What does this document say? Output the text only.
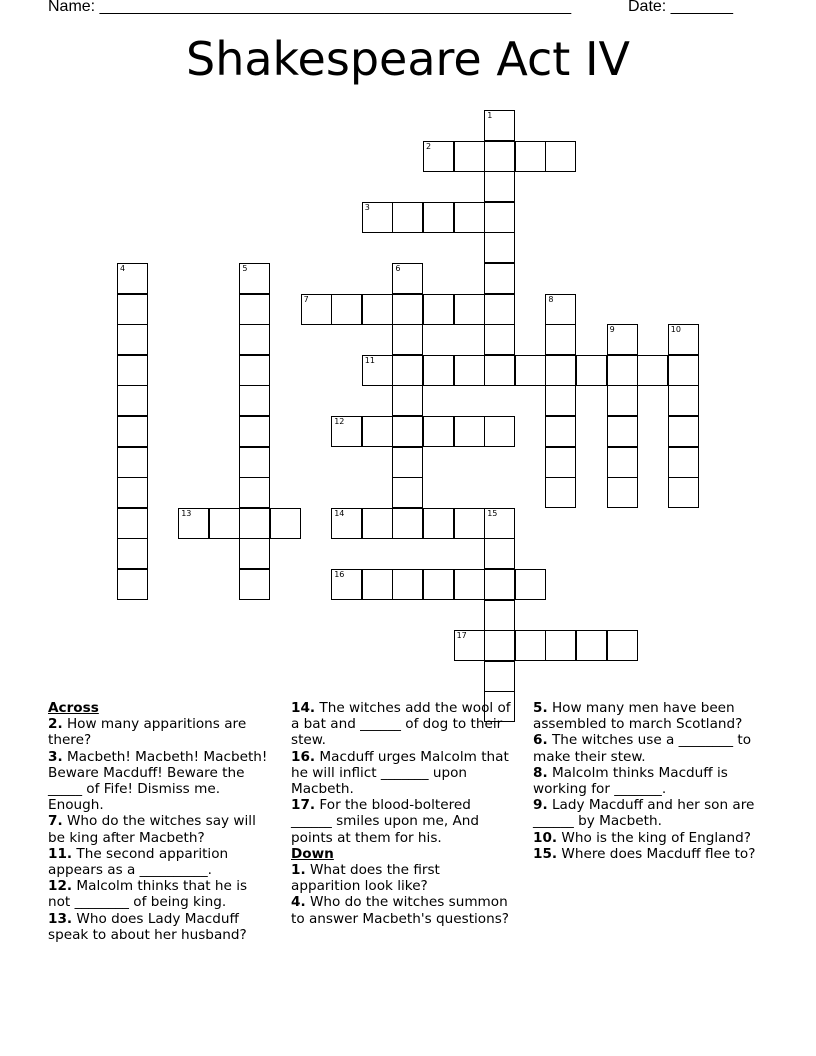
Name: _____________________________________________________	Date: _______
Shakespeare Act IV
1
2
3
4	5	6
7	8
9	10
11
12
13	14	15
16
17
Across
2. How many apparitions are there?
3. Macbeth! Macbeth! Macbeth! Beware Macduff! Beware the _____ of Fife! Dismiss me. Enough.
7. Who do the witches say will be king after Macbeth?
11. The second apparition appears as a __________.
12. Malcolm thinks that he is not ________ of being king.
13. Who does Lady Macduff speak to about her husband?
14. The witches add the wool of a bat and ______ of dog to their stew.
16. Macduff urges Malcolm that he will inflict _______ upon Macbeth.
17. For the blood-boltered ______ smiles upon me, And points at them for his.
Down
1. What does the first apparition look like?
4. Who do the witches summon to answer Macbeth's questions?
5. How many men have been assembled to march Scotland?
6. The witches use a ________ to make their stew.
8. Malcolm thinks Macduff is working for _______.
9. Lady Macduff and her son are ______ by Macbeth.
10. Who is the king of England?
15. Where does Macduff flee to?
